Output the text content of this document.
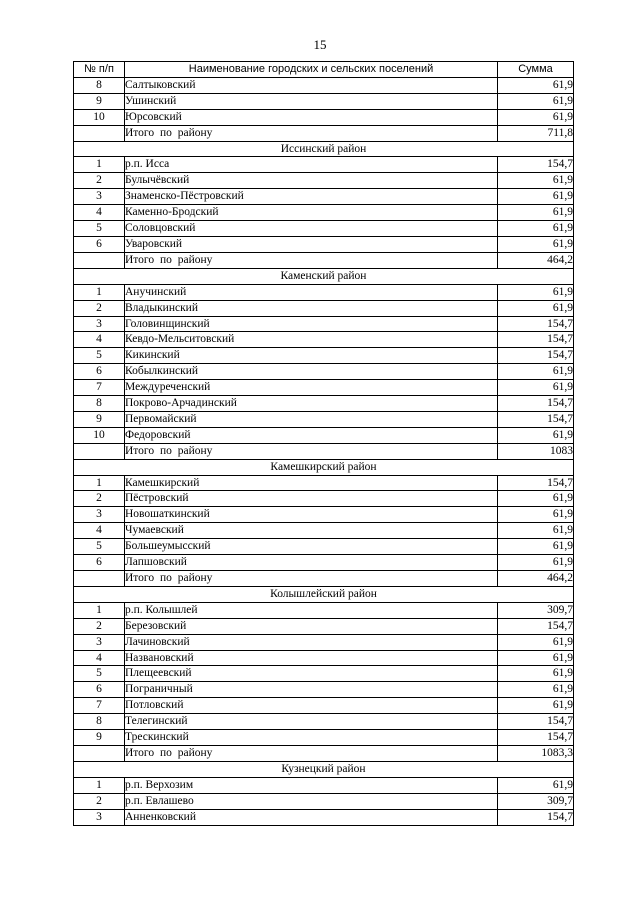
15
№ п/п	Наименование городских и сельских поселений	Сумма
8	Салтыковский	61,9
9	Ушинский	61,9
10	Юрсовский	61,9
	Итого по району	711,8
Иссинский район		
1	р.п. Исса	154,7
2	Булычёвский	61,9
3	Знаменско-Пёстровский	61,9
4	Каменно-Бродский	61,9
5	Соловцовский	61,9
6	Уваровский	61,9
	Итого по району	464,2
Каменский район		
1	Анучинский	61,9
2	Владыкинский	61,9
3	Головинщинский	154,7
4	Кевдо-Мельситовский	154,7
5	Кикинский	154,7
6	Кобылкинский	61,9
7	Междуреченский	61,9
8	Покрово-Арчадинский	154,7
9	Первомайский	154,7
10	Федоровский	61,9
	Итого по району	1083
Камешкирский район		
1	Камешкирский	154,7
2	Пёстровский	61,9
3	Новошаткинский	61,9
4	Чумаевский	61,9
5	Большеумысский	61,9
6	Лапшовский	61,9
	Итого по району	464,2
Колышлейский район		
1	р.п. Колышлей	309,7
2	Березовский	154,7
3	Лачиновский	61,9
4	Названовский	61,9
5	Плещеевский	61,9
6	Пограничный	61,9
7	Потловский	61,9
8	Телегинский	154,7
9	Трескинский	154,7
	Итого по району	1083,3
Кузнецкий район		
1	р.п. Верхозим	61,9
2	р.п. Евлашево	309,7
3	Анненковский	154,7
